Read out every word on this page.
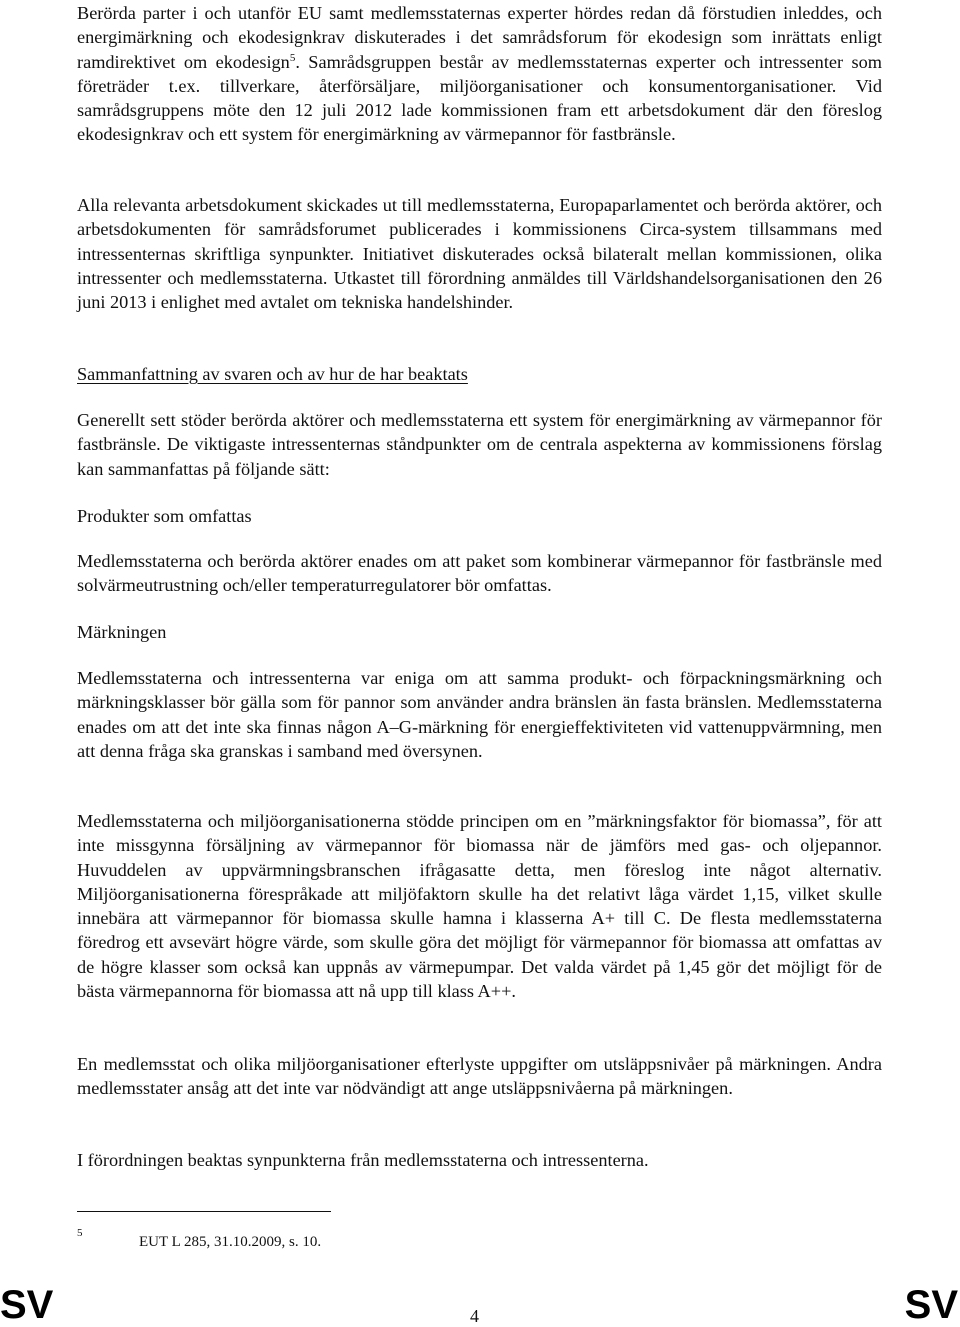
Berörda parter i och utanför EU samt medlemsstaternas experter hördes redan då förstudien inleddes, och energimärkning och ekodesignkrav diskuterades i det samrådsforum för ekodesign som inrättats enligt ramdirektivet om ekodesign$^5$. Samrådsgruppen består av medlemsstaternas experter och intressenter som företräder t.ex. tillverkare, återförsäljare, miljöorganisationer och konsumentorganisationer. Vid samrådsgruppens möte den 12 juli 2012 lade kommissionen fram ett arbetsdokument där den föreslog ekodesignkrav och ett system för energimärkning av värmepannor för fastbränsle.

Alla relevanta arbetsdokument skickades ut till medlemsstaterna, Europaparlamentet och berörda aktörer, och arbetsdokumenten för samrådsforumet publicerades i kommissionens Circa-system tillsammans med intressenternas skriftliga synpunkter. Initiativet diskuterades också bilateralt mellan kommissionen, olika intressenter och medlemsstaterna. Utkastet till förordning anmäldes till Världshandelsorganisationen den 26 juni 2013 i enlighet med avtalet om tekniska handelshinder.

Sammanfattning av svaren och av hur de har beaktats

Generellt sett stöder berörda aktörer och medlemsstaterna ett system för energimärkning av värmepannor för fastbränsle. De viktigaste intressenternas ståndpunkter om de centrala aspekterna av kommissionens förslag kan sammanfattas på följande sätt:

Produkter som omfattas

Medlemsstaterna och berörda aktörer enades om att paket som kombinerar värmepannor för fastbränsle med solvärmeutrustning och/eller temperaturregulatorer bör omfattas.

Märkningen

Medlemsstaterna och intressenterna var eniga om att samma produkt- och förpackningsmärkning och märkningsklasser bör gälla som för pannor som använder andra bränslen än fasta bränslen. Medlemsstaterna enades om att det inte ska finnas någon A–G-märkning för energieffektiviteten vid vattenuppvärmning, men att denna fråga ska granskas i samband med översynen.

Medlemsstaterna och miljöorganisationerna stödde principen om en ”märkningsfaktor för biomassa”, för att inte missgynna försäljning av värmepannor för biomassa när de jämförs med gas- och oljepannor. Huvuddelen av uppvärmningsbranschen ifrågasatte detta, men föreslog inte något alternativ. Miljöorganisationerna förespråkade att miljöfaktorn skulle ha det relativt låga värdet 1,15, vilket skulle innebära att värmepannor för biomassa skulle hamna i klasserna A+ till C. De flesta medlemsstaterna föredrog ett avsevärt högre värde, som skulle göra det möjligt för värmepannor för biomassa att omfattas av de högre klasser som också kan uppnås av värmepumpar. Det valda värdet på 1,45 gör det möjligt för de bästa värmepannorna för biomassa att nå upp till klass A++.

En medlemsstat och olika miljöorganisationer efterlyste uppgifter om utsläppsnivåer på märkningen. Andra medlemsstater ansåg att det inte var nödvändigt att ange utsläppsnivåerna på märkningen.

I förordningen beaktas synpunkterna från medlemsstaterna och intressenterna.

5
EUT L 285, 31.10.2009, s. 10.
SV	4	SV
